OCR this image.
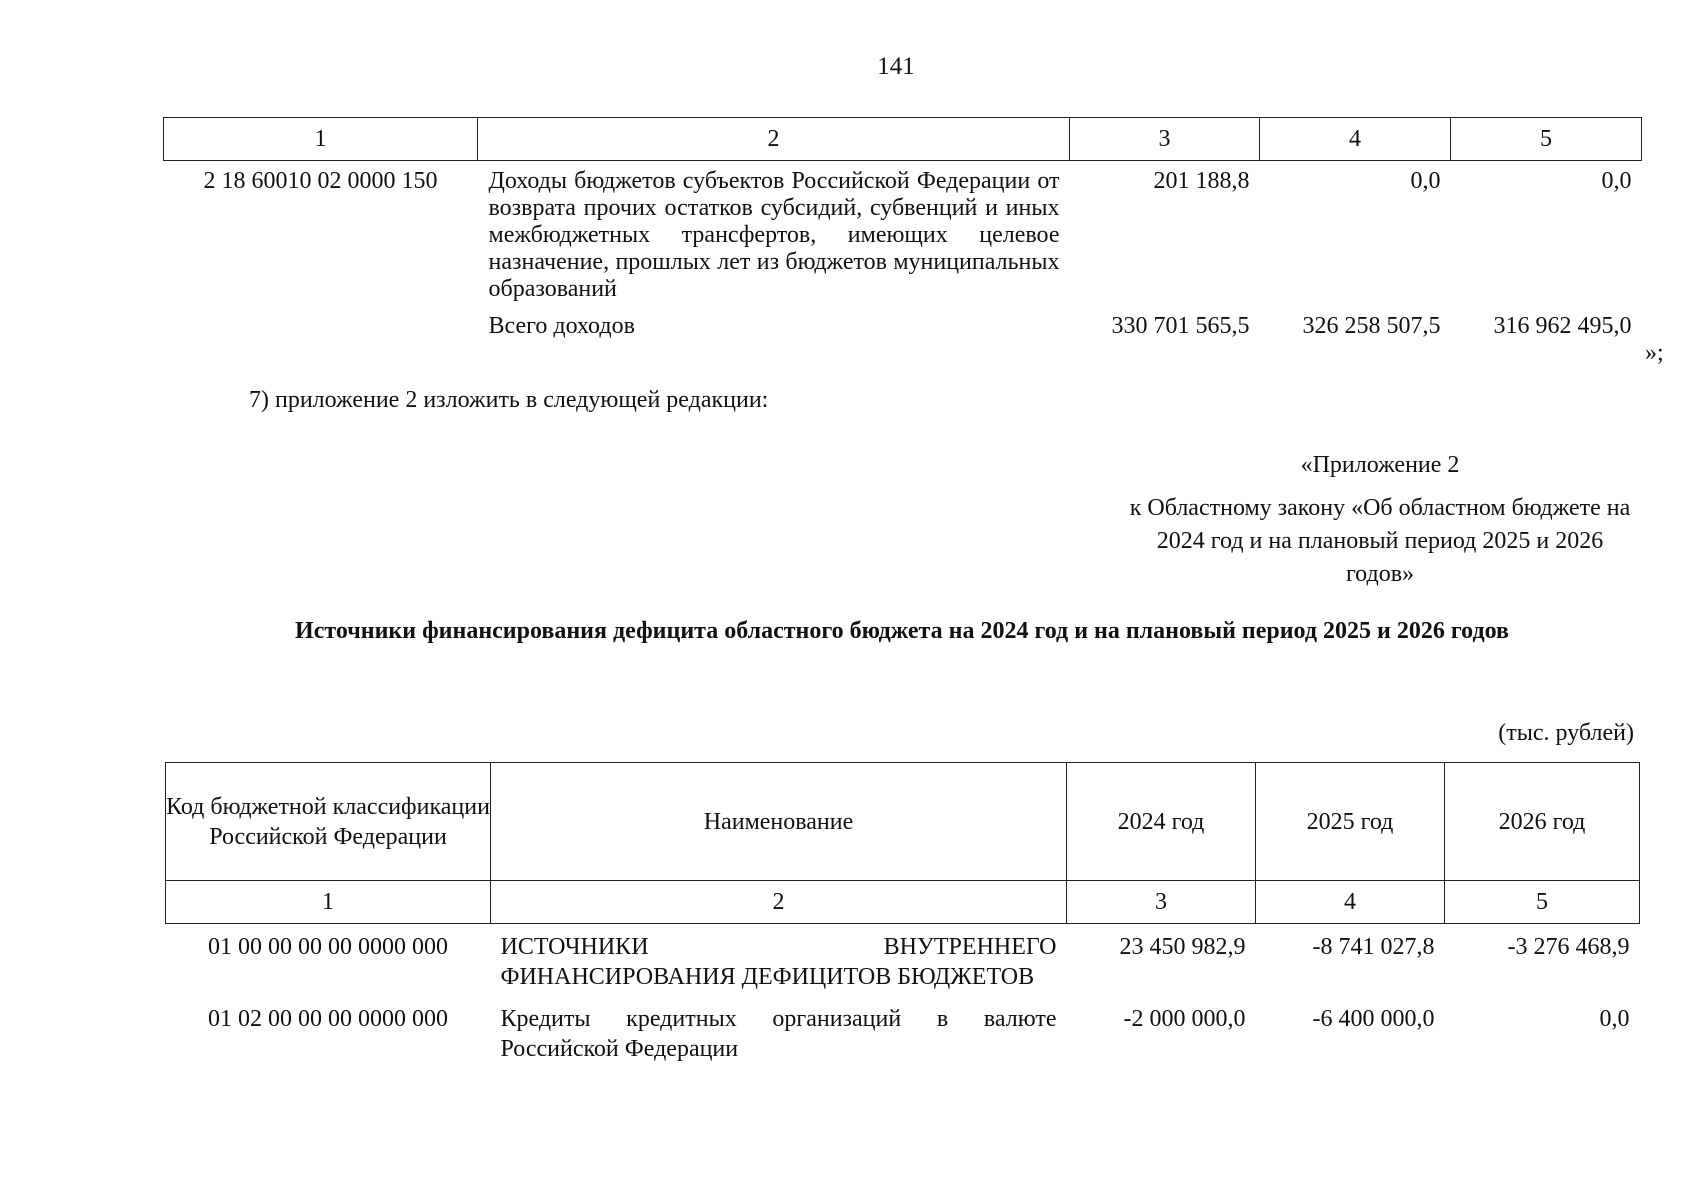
141
1	2	3	4	5
2 18 60010 02 0000 150	Доходы бюджетов субъектов Российской Федерации от возврата прочих остатков субсидий, субвенций и иных межбюджетных трансфертов, имеющих целевое назначение, прошлых лет из бюджетов муниципальных образований	201 188,8	0,0	0,0
	Всего доходов	330 701 565,5	326 258 507,5	316 962 495,0
»;
7) приложение 2 изложить в следующей редакции:
«Приложение 2
к Областному закону «Об областном бюджете на 2024 год и на плановый период 2025 и 2026 годов»
Источники финансирования дефицита областного бюджета на 2024 год и на плановый период 2025 и 2026 годов
(тыс. рублей)
Код бюджетной классификации Российской Федерации	Наименование	2024 год	2025 год	2026 год
1	2	3	4	5
01 00 00 00 00 0000 000	ИСТОЧНИКИ ВНУТРЕННЕГО ФИНАНСИРОВАНИЯ ДЕФИЦИТОВ БЮДЖЕТОВ	23 450 982,9	-8 741 027,8	-3 276 468,9
01 02 00 00 00 0000 000	Кредиты кредитных организаций в валюте Российской Федерации	-2 000 000,0	-6 400 000,0	0,0
